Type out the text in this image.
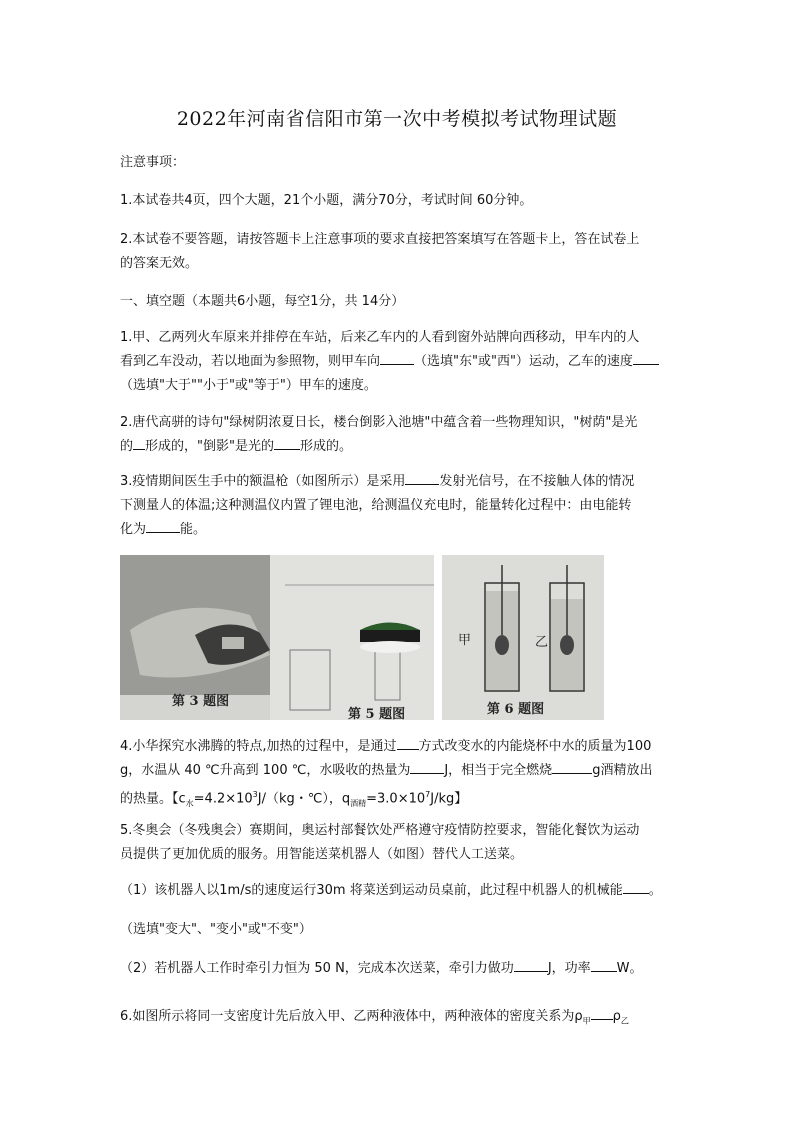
2022年河南省信阳市第一次中考模拟考试物理试题

注意事项：

1.本试卷共4页，四个大题，21个小题，满分70分，考试时间 60分钟。

2.本试卷不要答题，请按答题卡上注意事项的要求直接把答案填写在答题卡上，答在试卷上
的答案无效。

一、填空题（本题共6小题，每空1分，共 14分）

1.甲、乙两列火车原来并排停在车站，后来乙车内的人看到窗外站牌向西移动，甲车内的人
看到乙车没动，若以地面为参照物，则甲车向	（选填"东"或"西"）运动，乙车的速度
（选填"大于""小于"或"等于"）甲车的速度。

2.唐代高骈的诗句"绿树阴浓夏日长，楼台倒影入池塘"中蕴含着一些物理知识，"树荫"是光
的 形成的，"倒影"是光的 形成的。

3.疫情期间医生手中的额温枪（如图所示）是采用	发射光信号，在不接触人体的情况
下测量人的体温;这种测温仪内置了锂电池，给测温仪充电时，能量转化过程中：由电能转
化为	能。

第 3 题图
第 5 题图
甲	乙
第 6 题图

4.小华探究水沸腾的特点,加热的过程中，是通过 方式改变水的内能烧杯中水的质量为100
g，水温从 40 ℃升高到 100 ℃，水吸收的热量为	J，相当于完全燃烧	g酒精放出
的热量。【$c_水=4.2\times 10^3J/(kg$・℃），$q_{酒精}=3.0\times 10^7J/kg$】

5.冬奥会（冬残奥会）赛期间，奥运村部餐饮处严格遵守疫情防控要求，智能化餐饮为运动
员提供了更加优质的服务。用智能送菜机器人（如图）替代人工送菜。

（1）该机器人以1m/s的速度运行30m 将菜送到运动员桌前，此过程中机器人的机械能 。

（选填"变大"、"变小"或"不变"）

（2）若机器人工作时牵引力恒为 50 N，完成本次送菜，牵引力做功	J，功率 W。

6.如图所示将同一支密度计先后放入甲、乙两种液体中，两种液体的密度关系为$\rho_甲$ $\rho_乙$
